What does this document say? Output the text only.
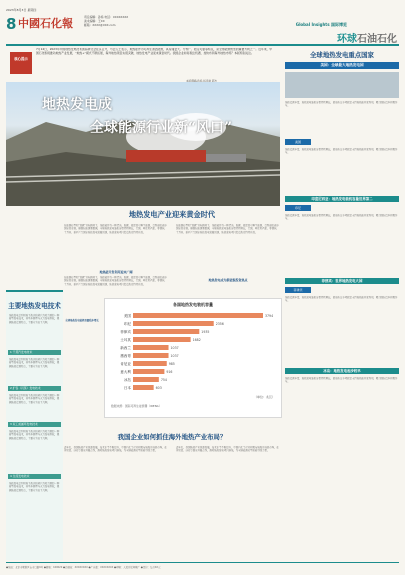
2023年8月3日 星期四
8 中國石化報	责任编辑：孙杨 电话：XXXXXXXX
美术编辑：王XX
邮箱：XXXX@XXX.com	Global Insights 国际博览
环球石油石化
核心提示
7月14日，2023年中国地热发电技术国际研讨会在京召开，与会人士表示，地热能作为可再生清洁能源，具有储量大、分布广、稳定可靠等特点，是全球能源转型的重要方向之一。近年来，中国石化积极推动地热产业发展，“地热+”模式不断拓展，海外地热项目实现突破，地热发电产业迎来黄金时代。我国企业如何抓住机遇，加快布局海外地热市场？本版特别关注。
地热发电成
全球能源行业新“风口”
全球地热发电重点国家
美国：全球最大地热发电国
地热资源丰富，地热发电装机容量持续增长，政府出台多项政策支持地热能开发利用，吸引国际资本积极参与。
美国
地热资源丰富，地热发电装机容量持续增长，政府出台多项政策支持地热能开发利用，吸引国际资本积极参与。
印度尼西亚：地热发电装机容量世界第二
印尼
地热资源丰富，地热发电装机容量持续增长，政府出台多项政策支持地热能开发利用，吸引国际资本积极参与。
菲律宾：世界地热发电大国
菲律宾
地热资源丰富，地热发电装机容量持续增长，政府出台多项政策支持地热能开发利用，吸引国际资本积极参与。
冰岛：地热发电起步较早
地热资源丰富，地热发电装机容量持续增长，政府出台多项政策支持地热能开发利用，吸引国际资本积极参与。
地热发电产业迎来黄金时代
在能源转型和“双碳”目标推动下，地热能作为一种清洁、低碳、稳定的可再生能源，受到越来越多国家的重视。据国际能源署数据，全球地热发电装机容量持续增长，美国、印度尼西亚、菲律宾、土耳其、新西兰等国家地热发电发展迅速，地热发电项目投资热度持续升温。
在能源转型和“双碳”目标推动下，地热能作为一种清洁、低碳、稳定的可再生能源，受到越来越多国家的重视。据国际能源署数据，全球地热发电装机容量持续增长，美国、印度尼西亚、菲律宾、土耳其、新西兰等国家地热发电发展迅速，地热发电项目投资热度持续升温。
地热能开发利用迎来广阔
地热发电成为新能源投资热点
在能源转型和“双碳”目标推动下，地热能作为一种清洁、低碳、稳定的可再生能源，受到越来越多国家的重视。据国际能源署数据，全球地热发电装机容量持续增长，美国、印度尼西亚、菲律宾、土耳其、新西兰等国家地热发电发展迅速，地热发电项目投资热度持续升温。
全球地热发电装机容量稳步增长
主要地热发电技术
地热发电是利用地下热水和蒸汽为动力源的一种新型发电技术，其基本原理与火力发电类似，根据地热资源特点，主要分为以下几种。
1 干蒸汽发电技术
地热发电是利用地下热水和蒸汽为动力源的一种新型发电技术，其基本原理与火力发电类似，根据地热资源特点，主要分为以下几种。
2 扩容（闪蒸）发电技术
地热发电是利用地下热水和蒸汽为动力源的一种新型发电技术，其基本原理与火力发电类似，根据地热资源特点，主要分为以下几种。
3 双工质循环发电技术
地热发电是利用地下热水和蒸汽为动力源的一种新型发电技术，其基本原理与火力发电类似，根据地热资源特点，主要分为以下几种。
4 全流发电技术
地热发电是利用地下热水和蒸汽为动力源的一种新型发电技术，其基本原理与火力发电类似，根据地热资源特点，主要分为以下几种。
各国地热发电装机容量
美国	3794
印尼	2356
菲律宾	1935
土耳其	1682
新西兰	1037
墨西哥	1037
肯尼亚	985
意大利	916
冰岛	754
日本	603
（单位：兆瓦）
数据来源：国际可再生能源署（IRENA）
我国企业如何抓住海外地热产业布局？
近年来，我国地热产业快速发展，技术水平不断提升，中国石化等企业积极布局海外地热市场，在肯尼亚、冰岛等国家开展合作，推动地热发电项目落地，为全球能源转型贡献中国力量。
近年来，我国地热产业快速发展，技术水平不断提升，中国石化等企业积极布局海外地热市场，在肯尼亚、冰岛等国家开展合作，推动地热发电项目落地，为全球能源转型贡献中国力量。
●地址：北京市朝阳区吉市口路9号 ●邮编：100020 ●总编室：XXXXXXXX ●广告部：XXXXXXXX ●印刷：人民日报印刷厂 ●定价：每月XX元
